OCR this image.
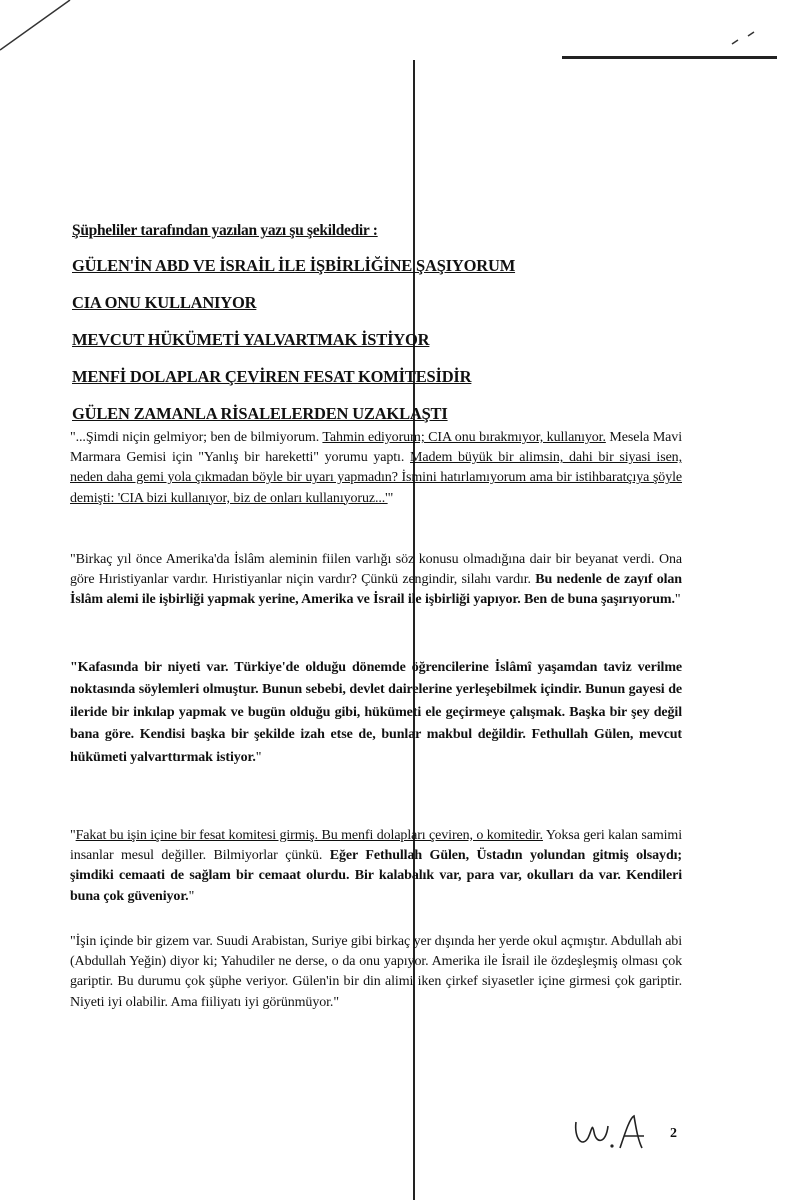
Şüpheliler tarafından yazılan yazı şu şekildedir :
GÜLEN'İN ABD VE İSRAİL İLE İŞBİRLİĞİNE ŞAŞIYORUM
CIA ONU KULLANIYOR
MEVCUT HÜKÜMETİ YALVARTMAK İSTİYOR
MENFİ DOLAPLAR ÇEVİREN FESAT KOMİTESİDİR
GÜLEN ZAMANLA RİSALELERDEN UZAKLAŞTI
"...Şimdi niçin gelmiyor; ben de bilmiyorum. Tahmin ediyorum; CIA onu bırakmıyor, kullanıyor. Mesela Mavi Marmara Gemisi için "Yanlış bir hareketti" yorumu yaptı. Madem büyük bir alimsin, dahi bir siyasi isen, neden daha gemi yola çıkmadan böyle bir uyarı yapmadın? İsmini hatırlamıyorum ama bir istihbaratçıya şöyle demişti: 'CIA bizi kullanıyor, biz de onları kullanıyoruz...'"
"Birkaç yıl önce Amerika'da İslâm aleminin fiilen varlığı söz konusu olmadığına dair bir beyanat verdi. Ona göre Hıristiyanlar vardır. Hıristiyanlar niçin vardır? Çünkü zengindir, silahı vardır. Bu nedenle de zayıf olan İslâm alemi ile işbirliği yapmak yerine, Amerika ve İsrail ile işbirliği yapıyor. Ben de buna şaşırıyorum."
"Kafasında bir niyeti var. Türkiye'de olduğu dönemde öğrencilerine İslâmî yaşamdan taviz verilme noktasında söylemleri olmuştur. Bunun sebebi, devlet dairelerine yerleşebilmek içindir. Bunun gayesi de ileride bir inkılap yapmak ve bugün olduğu gibi, hükümeti ele geçirmeye çalışmak. Başka bir şey değil bana göre. Kendisi başka bir şekilde izah etse de, bunlar makbul değildir. Fethullah Gülen, mevcut hükümeti yalvarttırmak istiyor."
"Fakat bu işin içine bir fesat komitesi girmiş. Bu menfi dolapları çeviren, o komitedir. Yoksa geri kalan samimi insanlar mesul değiller. Bilmiyorlar çünkü. Eğer Fethullah Gülen, Üstadın yolundan gitmiş olsaydı; şimdiki cemaati de sağlam bir cemaat olurdu. Bir kalabalık var, para var, okulları da var. Kendileri buna çok güveniyor."
"İşin içinde bir gizem var. Suudi Arabistan, Suriye gibi birkaç yer dışında her yerde okul açmıştır. Abdullah abi (Abdullah Yeğin) diyor ki; Yahudiler ne derse, o da onu yapıyor. Amerika ile İsrail ile özdeşleşmiş olması çok gariptir. Bu durumu çok şüphe veriyor. Gülen'in bir din alimi iken çirkef siyasetler içine girmesi çok gariptir. Niyeti iyi olabilir. Ama fiiliyatı iyi görünmüyor."
2
